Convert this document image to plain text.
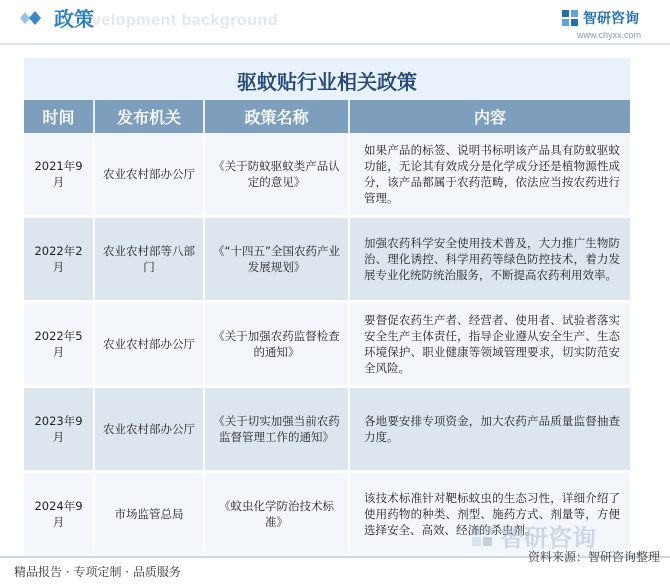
velopment background
政策	智研咨询
www.chyxx.com
驱蚊贴行业相关政策
时间	发布机关	政策名称	内容
2021年9月	农业农村部办公厅	《关于防蚊驱蚊类产品认定的意见》	如果产品的标签、说明书标明该产品具有防蚊驱蚊功能，无论其有效成分是化学成分还是植物源性成分，该产品都属于农药范畴，依法应当按农药进行管理。
2022年2月	农业农村部等八部门	《“十四五”全国农药产业发展规划》	加强农药科学安全使用技术普及，大力推广生物防治、理化诱控、科学用药等绿色防控技术，着力发展专业化统防统治服务，不断提高农药利用效率。
2022年5月	农业农村部办公厅	《关于加强农药监督检查的通知》	要督促农药生产者、经营者、使用者、试验者落实安全生产主体责任，指导企业遵从安全生产、生态环境保护、职业健康等领域管理要求，切实防范安全风险。
2023年9月	农业农村部办公厅	《关于切实加强当前农药监督管理工作的通知》	各地要安排专项资金，加大农药产品质量监督抽查力度。
2024年9月	市场监管总局	《蚊虫化学防治技术标准》	该技术标准针对靶标蚊虫的生态习性，详细介绍了使用药物的种类、剂型、施药方式、剂量等，方便选择安全、高效、经济的杀虫剂。
智研咨询
精品报告 · 专项定制 · 品质服务
资料来源：智研咨询整理
